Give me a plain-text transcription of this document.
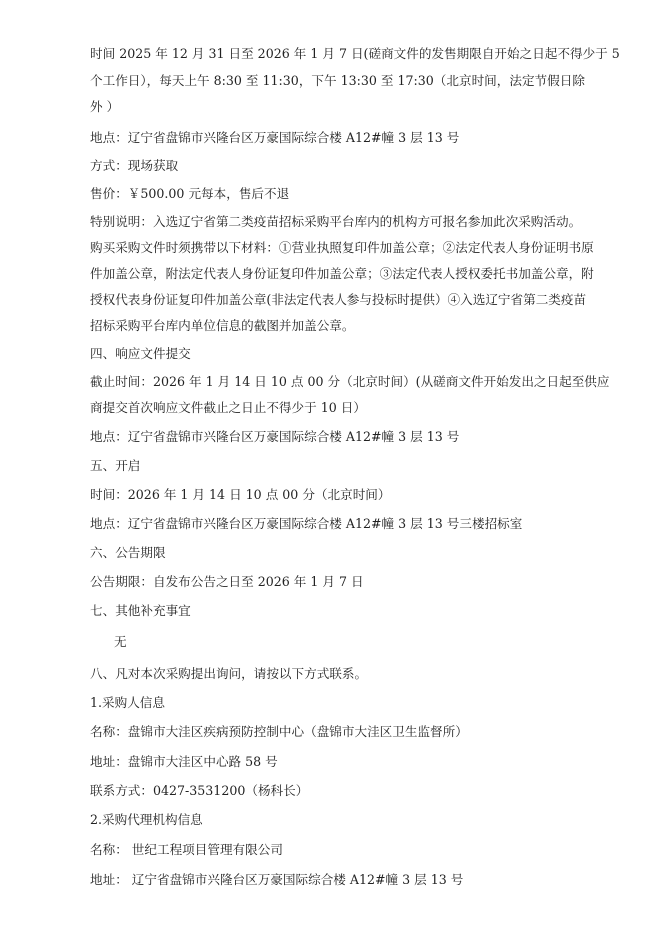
时间 2025 年 12 月 31 日至 2026 年 1 月 7 日(磋商文件的发售期限自开始之日起不得少于 5
个工作日），每天上午 8:30 至 11:30，下午 13:30 至 17:30（北京时间，法定节假日除
外 ）
地点：辽宁省盘锦市兴隆台区万豪国际综合楼 A12#幢 3 层 13 号
方式：现场获取
售价：￥500.00 元每本，售后不退
特别说明：入选辽宁省第二类疫苗招标采购平台库内的机构方可报名参加此次采购活动。
购买采购文件时须携带以下材料：①营业执照复印件加盖公章；②法定代表人身份证明书原
件加盖公章，附法定代表人身份证复印件加盖公章；③法定代表人授权委托书加盖公章，附
授权代表身份证复印件加盖公章(非法定代表人参与投标时提供）④入选辽宁省第二类疫苗
招标采购平台库内单位信息的截图并加盖公章。
四、响应文件提交
截止时间：2026 年 1 月 14 日 10 点 00 分（北京时间）(从磋商文件开始发出之日起至供应
商提交首次响应文件截止之日止不得少于 10 日）
地点：辽宁省盘锦市兴隆台区万豪国际综合楼 A12#幢 3 层 13 号
五、开启
时间：2026 年 1 月 14 日 10 点 00 分（北京时间）
地点：辽宁省盘锦市兴隆台区万豪国际综合楼 A12#幢 3 层 13 号三楼招标室
六、公告期限
公告期限：自发布公告之日至 2026 年 1 月 7 日
七、其他补充事宜
无
八、凡对本次采购提出询问，请按以下方式联系。
1.采购人信息
名称：盘锦市大洼区疾病预防控制中心（盘锦市大洼区卫生监督所）
地址：盘锦市大洼区中心路 58 号
联系方式：0427-3531200（杨科长）
2.采购代理机构信息
名称： 世纪工程项目管理有限公司
地址： 辽宁省盘锦市兴隆台区万豪国际综合楼 A12#幢 3 层 13 号
